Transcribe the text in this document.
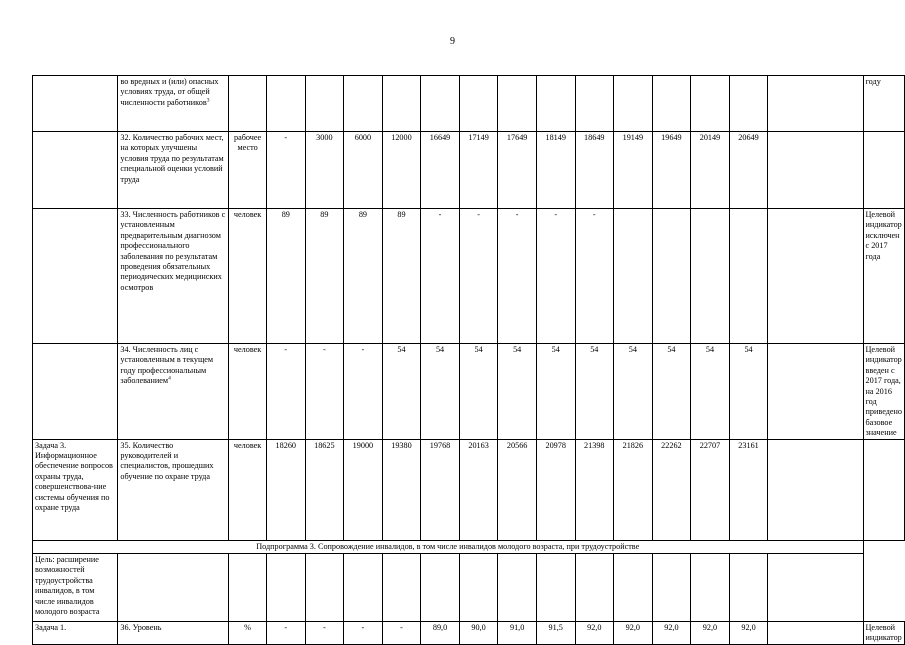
9
	во вредных и (или) опасных условиях труда, от общей численности работников$^3$																году
	32. Количество рабочих мест, на которых улучшены условия труда по результатам специальной оценки условий труда	рабочее место	-	3000	6000	12000	16649	17149	17649	18149	18649	19149	19649	20149	20649		
	33. Численность работников с установленным предварительным диагнозом профессионального заболевания по результатам проведения обязательных периодических медицинских осмотров	человек	89	89	89	89	-	-	-	-	-						Целевой индикатор исключен с 2017 года
	34. Численность лиц с установленным в текущем году профессиональным заболеванием$^4$	человек	-	-	-	54	54	54	54	54	54	54	54	54	54		Целевой индикатор введен с 2017 года, на 2016 год приведено базовое значение
Задача 3. Информационное обеспечение вопросов охраны труда, совершенствова-ние системы обучения по охране труда	35. Количество руководителей и специалистов, прошедших обучение по охране труда	человек	18260	18625	19000	19380	19768	20163	20566	20978	21398	21826	22262	22707	23161		
Подпрограмма 3. Сопровождение инвалидов, в том числе инвалидов молодого возраста, при трудоустройстве																	
Цель: расширение возможностей трудоустройства инвалидов, в том числе инвалидов молодого возраста																	
Задача 1.	36. Уровень	%	-	-	-	-	89,0	90,0	91,0	91,5	92,0	92,0	92,0	92,0	92,0		Целевой индикатор
